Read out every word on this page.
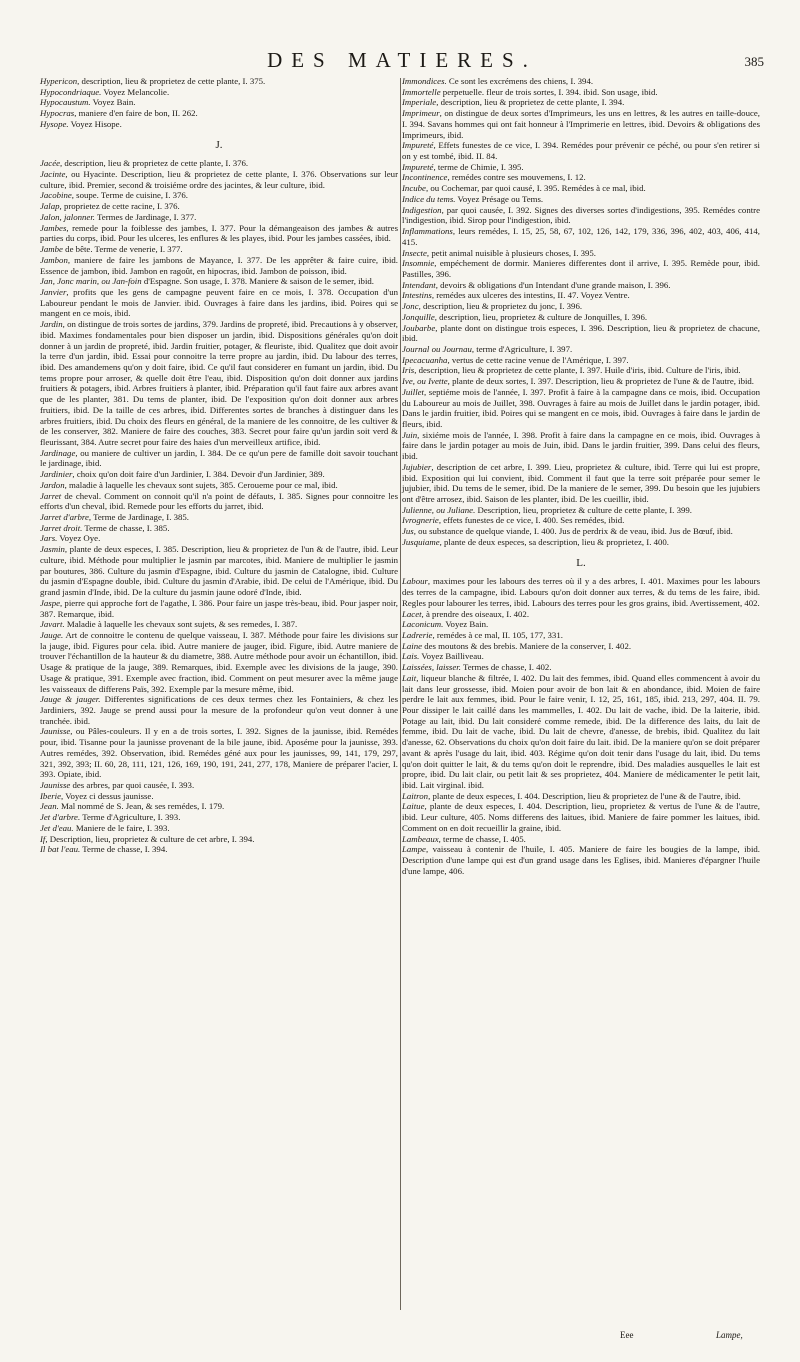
DES MATIERES.	385

Hypericon, description, lieu & proprietez de cette plante, I. 375.

Hypocondriaque. Voyez Melancolie.

Hypocaustum. Voyez Bain.

Hypocras, maniere d'en faire de bon, II. 262.

Hysope. Voyez Hisope.

J.

Jacée, description, lieu & proprietez de cette plante, I. 376.

Jacinte, ou Hyacinte. Description, lieu & proprietez de cette plante, I. 376. Observations sur leur culture, ibid. Premier, second & troisiéme ordre des jacintes, & leur culture, ibid.

Jacobine, soupe. Terme de cuisine, I. 376.

Jalap, proprietez de cette racine, I. 376.

Jalon, jalonner. Termes de Jardinage, I. 377.

Jambes, remede pour la foiblesse des jambes, I. 377. Pour la démangeaison des jambes & autres parties du corps, ibid. Pour les ulceres, les enflures & les playes, ibid. Pour les jambes cassées, ibid.

Jambe de bête. Terme de venerie, I. 377.

Jambon, maniere de faire les jambons de Mayance, I. 377. De les apprêter & faire cuire, ibid. Essence de jambon, ibid. Jambon en ragoût, en hipocras, ibid. Jambon de poisson, ibid.

Jan, Jonc marin, ou Jan-foin d'Espagne. Son usage, I. 378. Maniere & saison de le semer, ibid.

Janvier, profits que les gens de campagne peuvent faire en ce mois, I. 378. Occupation d'un Laboureur pendant le mois de Janvier. ibid. Ouvrages à faire dans les jardins, ibid. Poires qui se mangent en ce mois, ibid.

Jardin, on distingue de trois sortes de jardins, 379. Jardins de propreté, ibid. Precautions à y observer, ibid. Maximes fondamentales pour bien disposer un jardin, ibid. Dispositions générales qu'on doit donner à un jardin de propreté, ibid. Jardin fruitier, potager, & fleuriste, ibid. Qualitez que doit avoir la terre d'un jardin, ibid. Essai pour connoitre la terre propre au jardin, ibid. Du labour des terres, ibid. Des amandemens qu'on y doit faire, ibid. Ce qu'il faut considerer en fumant un jardin, ibid. Du tems propre pour arroser, & quelle doit être l'eau, ibid. Disposition qu'on doit donner aux jardins fruitiers & potagers, ibid. Arbres fruitiers à planter, ibid. Préparation qu'il faut faire aux arbres avant que de les planter, 381. Du tems de planter, ibid. De l'exposition qu'on doit donner aux arbres fruitiers, ibid. De la taille de ces arbres, ibid. Differentes sortes de branches à distinguer dans les arbres fruitiers, ibid. Du choix des fleurs en général, de la maniere de les connoitre, de les cultiver & de les conserver, 382. Maniere de faire des couches, 383. Secret pour faire qu'un jardin soit verd & fleurissant, 384. Autre secret pour faire des haies d'un merveilleux artifice, ibid.

Jardinage, ou maniere de cultiver un jardin, I. 384. De ce qu'un pere de famille doit savoir touchant le jardinage, ibid.

Jardinier, choix qu'on doit faire d'un Jardinier, I. 384. Devoir d'un Jardinier, 389.

Jardon, maladie à laquelle les chevaux sont sujets, 385. Ceroueme pour ce mal, ibid.

Jarret de cheval. Comment on connoit qu'il n'a point de défauts, I. 385. Signes pour connoitre les efforts d'un cheval, ibid. Remede pour les efforts du jarret, ibid.

Jarret d'arbre, Terme de Jardinage, I. 385.

Jarret droit. Terme de chasse, I. 385.

Jars. Voyez Oye.

Jasmin, plante de deux especes, I. 385. Description, lieu & proprietez de l'un & de l'autre, ibid. Leur culture, ibid. Méthode pour multiplier le jasmin par marcotes, ibid. Maniere de multiplier le jasmin par boutures, 386. Culture du jasmin d'Espagne, ibid. Culture du jasmin de Catalogne, ibid. Culture du jasmin d'Espagne double, ibid. Culture du jasmin d'Arabie, ibid. De celui de l'Amérique, ibid. Du grand jasmin d'Inde, ibid. De la culture du jasmin jaune odoré d'Inde, ibid.

Jaspe, pierre qui approche fort de l'agathe, I. 386. Pour faire un jaspe très-beau, ibid. Pour jasper noir, 387. Remarque, ibid.

Javart. Maladie à laquelle les chevaux sont sujets, & ses remedes, I. 387.

Jauge. Art de connoitre le contenu de quelque vaisseau, I. 387. Méthode pour faire les divisions sur la jauge, ibid. Figures pour cela. ibid. Autre maniere de jauger, ibid. Figure, ibid. Autre maniere de trouver l'échantillon de la hauteur & du diametre, 388. Autre méthode pour avoir un échantillon, ibid. Usage & pratique de la jauge, 389. Remarques, ibid. Exemple avec les divisions de la jauge, 390. Usage & pratique, 391. Exemple avec fraction, ibid. Comment on peut mesurer avec la même jauge les vaisseaux de differens Païs, 392. Exemple par la mesure même, ibid.

Jauge & jauger. Differentes significations de ces deux termes chez les Fontainiers, & chez les Jardiniers, 392. Jauge se prend aussi pour la mesure de la profondeur qu'on veut donner à une tranchée. ibid.

Jaunisse, ou Pâles-couleurs. Il y en a de trois sortes, I. 392. Signes de la jaunisse, ibid. Remédes pour, ibid. Tisanne pour la jaunisse provenant de la bile jaune, ibid. Aposéme pour la jaunisse, 393. Autres remédes, 392. Observation, ibid. Remédes géné aux pour les jaunisses, 99, 141, 179, 297, 321, 392, 393; II. 60, 28, 111, 121, 126, 169, 190, 191, 241, 277, 178, Maniere de préparer l'acier, I. 393. Opiate, ibid.

Jaunisse des arbres, par quoi causée, I. 393.

Iberie, Voyez ci dessus jaunisse.

Jean. Mal nommé de S. Jean, & ses remédes, I. 179.

Jet d'arbre. Terme d'Agriculture, I. 393.

Jet d'eau. Maniere de le faire, I. 393.

If, Description, lieu, proprietez & culture de cet arbre, I. 394.

Il bat l'eau. Terme de chasse, I. 394.

Immondices. Ce sont les excrémens des chiens, I. 394.

Immortelle perpetuelle. fleur de trois sortes, I. 394. ibid. Son usage, ibid.

Imperiale, description, lieu & proprietez de cette plante, I. 394.

Imprimeur, on distingue de deux sortes d'Imprimeurs, les uns en lettres, & les autres en taille-douce, I. 394. Savans hommes qui ont fait honneur à l'Imprimerie en lettres, ibid. Devoirs & obligations des Imprimeurs, ibid.

Impureté, Effets funestes de ce vice, I. 394. Remédes pour prévenir ce péché, ou pour s'en retirer si on y est tombé, ibid. II. 84.

Impureté, terme de Chimie, I. 395.

Incontinence, remédes contre ses mouvemens, I. 12.

Incube, ou Cochemar, par quoi causé, I. 395. Remédes à ce mal, ibid.

Indice du tems. Voyez Présage ou Tems.

Indigestion, par quoi causée, I. 392. Signes des diverses sortes d'indigestions, 395. Remédes contre l'indigestion, ibid. Sirop pour l'indigestion, ibid.

Inflammations, leurs remédes, I. 15, 25, 58, 67, 102, 126, 142, 179, 336, 396, 402, 403, 406, 414, 415.

Insecte, petit animal nuisible à plusieurs choses, I. 395.

Insomnie, empéchement de dormir. Manieres differentes dont il arrive, I. 395. Remède pour, ibid. Pastilles, 396.

Intendant, devoirs & obligations d'un Intendant d'une grande maison, I. 396.

Intestins, remédes aux ulceres des intestins, II. 47. Voyez Ventre.

Jonc, description, lieu & proprietez du jonc, I. 396.

Jonquille, description, lieu, proprietez & culture de Jonquilles, I. 396.

Joubarbe, plante dont on distingue trois especes, I. 396. Description, lieu & proprietez de chacune, ibid.

Journal ou Journau, terme d'Agriculture, I. 397.

Ipecacuanha, vertus de cette racine venue de l'Amérique, I. 397.

Iris, description, lieu & proprietez de cette plante, I. 397. Huile d'iris, ibid. Culture de l'iris, ibid.

Ive, ou Ivette, plante de deux sortes, I. 397. Description, lieu & proprietez de l'une & de l'autre, ibid.

Juillet, septiéme mois de l'année, I. 397. Profit à faire à la campagne dans ce mois, ibid. Occupation du Laboureur au mois de Juillet, 398. Ouvrages à faire au mois de Juillet dans le jardin potager, ibid. Dans le jardin fruitier, ibid. Poires qui se mangent en ce mois, ibid. Ouvrages à faire dans le jardin de fleurs, ibid.

Juin, sixiéme mois de l'année, I. 398. Profit à faire dans la campagne en ce mois, ibid. Ouvrages à faire dans le jardin potager au mois de Juin, ibid. Dans le jardin fruitier, 399. Dans celui des fleurs, ibid.

Jujubier, description de cet arbre, I. 399. Lieu, proprietez & culture, ibid. Terre qui lui est propre, ibid. Exposition qui lui convient, ibid. Comment il faut que la terre soit préparée pour semer le jujubier, ibid. Du tems de le semer, ibid. De la maniere de le semer, 399. Du besoin que les jujubiers ont d'être arrosez, ibid. Saison de les planter, ibid. De les cueillir, ibid.

Julienne, ou Juliane. Description, lieu, proprietez & culture de cette plante, I. 399.

Ivrognerie, effets funestes de ce vice, I. 400. Ses remédes, ibid.

Jus, ou substance de quelque viande, I. 400. Jus de perdrix & de veau, ibid. Jus de Bœuf, ibid.

Jusquiame, plante de deux especes, sa description, lieu & proprietez, I. 400.

L.

Labour, maximes pour les labours des terres où il y a des arbres, I. 401. Maximes pour les labours des terres de la campagne, ibid. Labours qu'on doit donner aux terres, & du tems de les faire, ibid. Regles pour labourer les terres, ibid. Labours des terres pour les gros grains, ibid. Avertissement, 402.

Lacet, à prendre des oiseaux, I. 402.

Laconicum. Voyez Bain.

Ladrerie, remédes à ce mal, II. 105, 177, 331.

Laine des moutons & des brebis. Maniere de la conserver, I. 402.

Lais. Voyez Bailliveau.

Laissées, laisser. Termes de chasse, I. 402.

Lait, liqueur blanche & filtrée, I. 402. Du lait des femmes, ibid. Quand elles commencent à avoir du lait dans leur grossesse, ibid. Moien pour avoir de bon lait & en abondance, ibid. Moien de faire perdre le lait aux femmes, ibid. Pour le faire venir, I. 12, 25, 161, 185, ibid. 213, 297, 404. II. 79. Pour dissiper le lait caillé dans les mammelles, I. 402. Du lait de vache, ibid. De la laiterie, ibid. Potage au lait, ibid. Du lait consideré comme remede, ibid. De la difference des laits, du lait de femme, ibid. Du lait de vache, ibid. Du lait de chevre, d'anesse, de brebis, ibid. Qualitez du lait d'anesse, 62. Observations du choix qu'on doit faire du lait. ibid. De la maniere qu'on se doit préparer avant & après l'usage du lait, ibid. 403. Régime qu'on doit tenir dans l'usage du lait, ibid. Du tems qu'on doit quitter le lait, & du tems qu'on doit le reprendre, ibid. Des maladies ausquelles le lait est propre, ibid. Du lait clair, ou petit lait & ses proprietez, 404. Maniere de médicamenter le petit lait, ibid. Lait virginal. ibid.

Laitron, plante de deux especes, I. 404. Description, lieu & proprietez de l'une & de l'autre, ibid.

Laitue, plante de deux especes, I. 404. Description, lieu, proprietez & vertus de l'une & de l'autre, ibid. Leur culture, 405. Noms differens des laitues, ibid. Maniere de faire pommer les laitues, ibid. Comment on en doit recueillir la graine, ibid.

Lambeaux, terme de chasse, I. 405.

Lampe, vaisseau à contenir de l'huile, I. 405. Maniere de faire les bougies de la lampe, ibid. Description d'une lampe qui est d'un grand usage dans les Eglises, ibid. Manieres d'épargner l'huile d'une lampe, 406.

Eee	Lampe,
